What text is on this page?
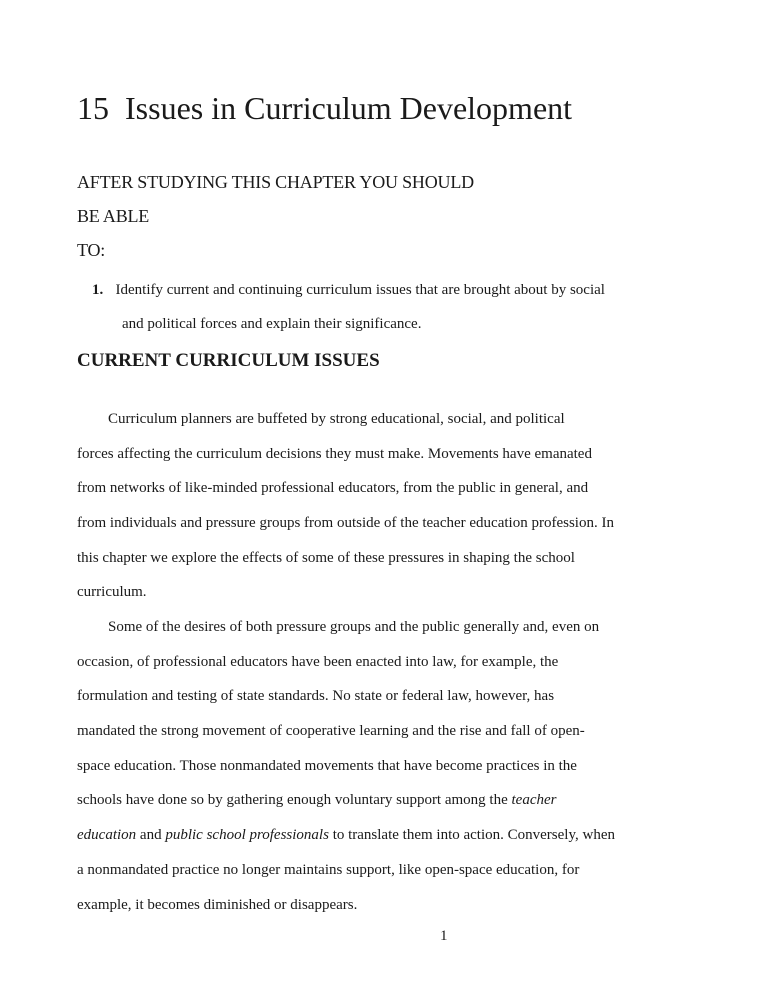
15 Issues in Curriculum Development
AFTER STUDYING THIS CHAPTER YOU SHOULD BE ABLE
TO:
1. Identify current and continuing curriculum issues that are brought about by social
and political forces and explain their significance.
CURRENT CURRICULUM ISSUES
Curriculum planners are buffeted by strong educational, social, and political
forces affecting the curriculum decisions they must make. Movements have emanated
from networks of like-minded professional educators, from the public in general, and
from individuals and pressure groups from outside of the teacher education profession. In
this chapter we explore the effects of some of these pressures in shaping the school
curriculum.
Some of the desires of both pressure groups and the public generally and, even on
occasion, of professional educators have been enacted into law, for example, the
formulation and testing of state standards. No state or federal law, however, has
mandated the strong movement of cooperative learning and the rise and fall of open-
space education. Those nonmandated movements that have become practices in the
schools have done so by gathering enough voluntary support among the teacher
education and public school professionals to translate them into action. Conversely, when
a nonmandated practice no longer maintains support, like open-space education, for
example, it becomes diminished or disappears.
1
